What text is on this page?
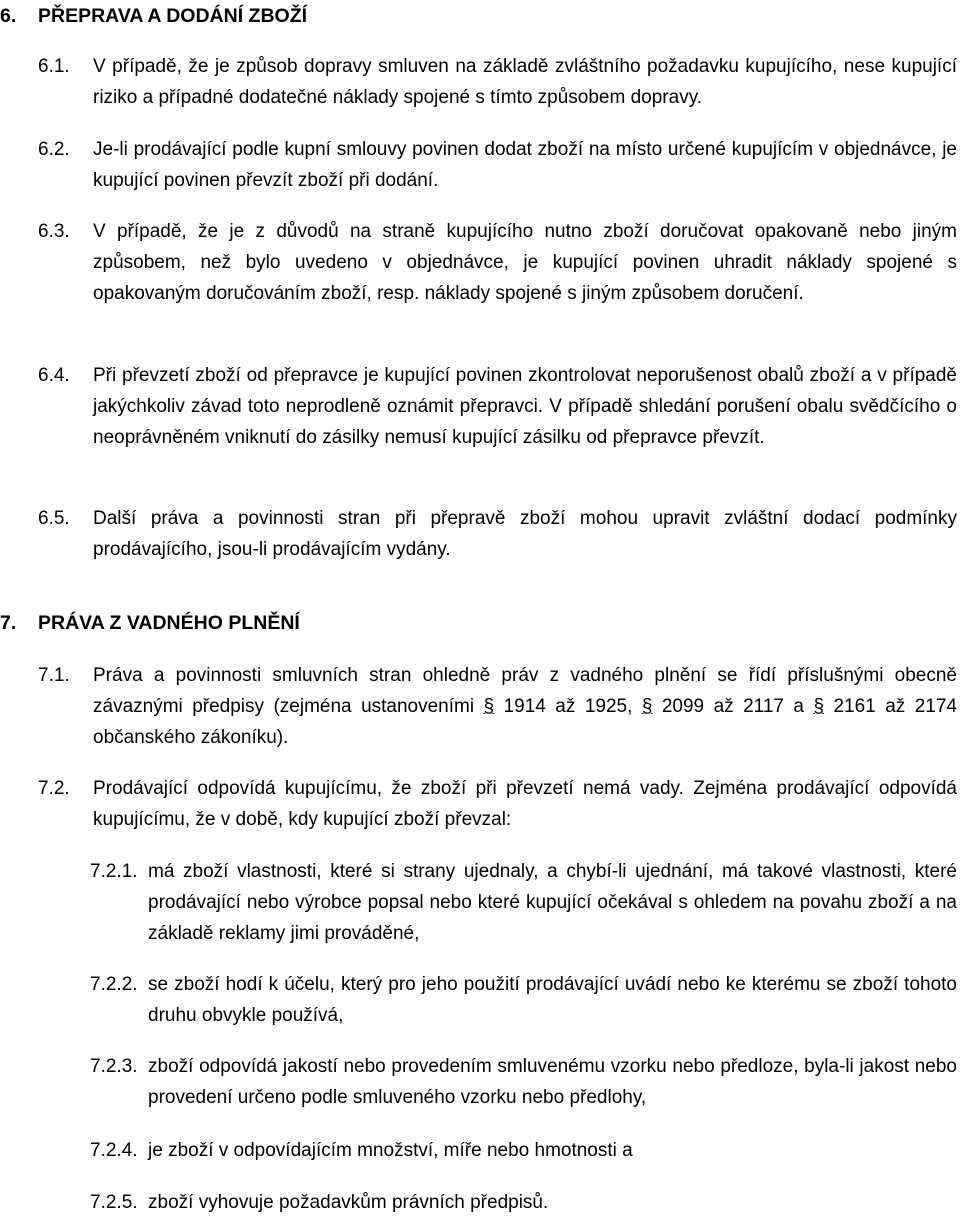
6. PŘEPRAVA A DODÁNÍ ZBOŽÍ
6.1. V případě, že je způsob dopravy smluven na základě zvláštního požadavku kupujícího, nese kupující riziko a případné dodatečné náklady spojené s tímto způsobem dopravy.
6.2. Je-li prodávající podle kupní smlouvy povinen dodat zboží na místo určené kupujícím v objednávce, je kupující povinen převzít zboží při dodání.
6.3. V případě, že je z důvodů na straně kupujícího nutno zboží doručovat opakovaně nebo jiným způsobem, než bylo uvedeno v objednávce, je kupující povinen uhradit náklady spojené s opakovaným doručováním zboží, resp. náklady spojené s jiným způsobem doručení.
6.4. Při převzetí zboží od přepravce je kupující povinen zkontrolovat neporušenost obalů zboží a v případě jakýchkoliv závad toto neprodleně oznámit přepravci. V případě shledání porušení obalu svědčícího o neoprávněném vniknutí do zásilky nemusí kupující zásilku od přepravce převzít.
6.5. Další práva a povinnosti stran při přepravě zboží mohou upravit zvláštní dodací podmínky prodávajícího, jsou-li prodávajícím vydány.
7. PRÁVA Z VADNÉHO PLNĚNÍ
7.1. Práva a povinnosti smluvních stran ohledně práv z vadného plnění se řídí příslušnými obecně závaznými předpisy (zejména ustanoveními § 1914 až 1925, § 2099 až 2117 a § 2161 až 2174 občanského zákoníku).
7.2. Prodávající odpovídá kupujícímu, že zboží při převzetí nemá vady. Zejména prodávající odpovídá kupujícímu, že v době, kdy kupující zboží převzal:
7.2.1. má zboží vlastnosti, které si strany ujednaly, a chybí-li ujednání, má takové vlastnosti, které prodávající nebo výrobce popsal nebo které kupující očekával s ohledem na povahu zboží a na základě reklamy jimi prováděné,
7.2.2. se zboží hodí k účelu, který pro jeho použití prodávající uvádí nebo ke kterému se zboží tohoto druhu obvykle používá,
7.2.3. zboží odpovídá jakostí nebo provedením smluvenému vzorku nebo předloze, byla-li jakost nebo provedení určeno podle smluveného vzorku nebo předlohy,
7.2.4. je zboží v odpovídajícím množství, míře nebo hmotnosti a
7.2.5. zboží vyhovuje požadavkům právních předpisů.
